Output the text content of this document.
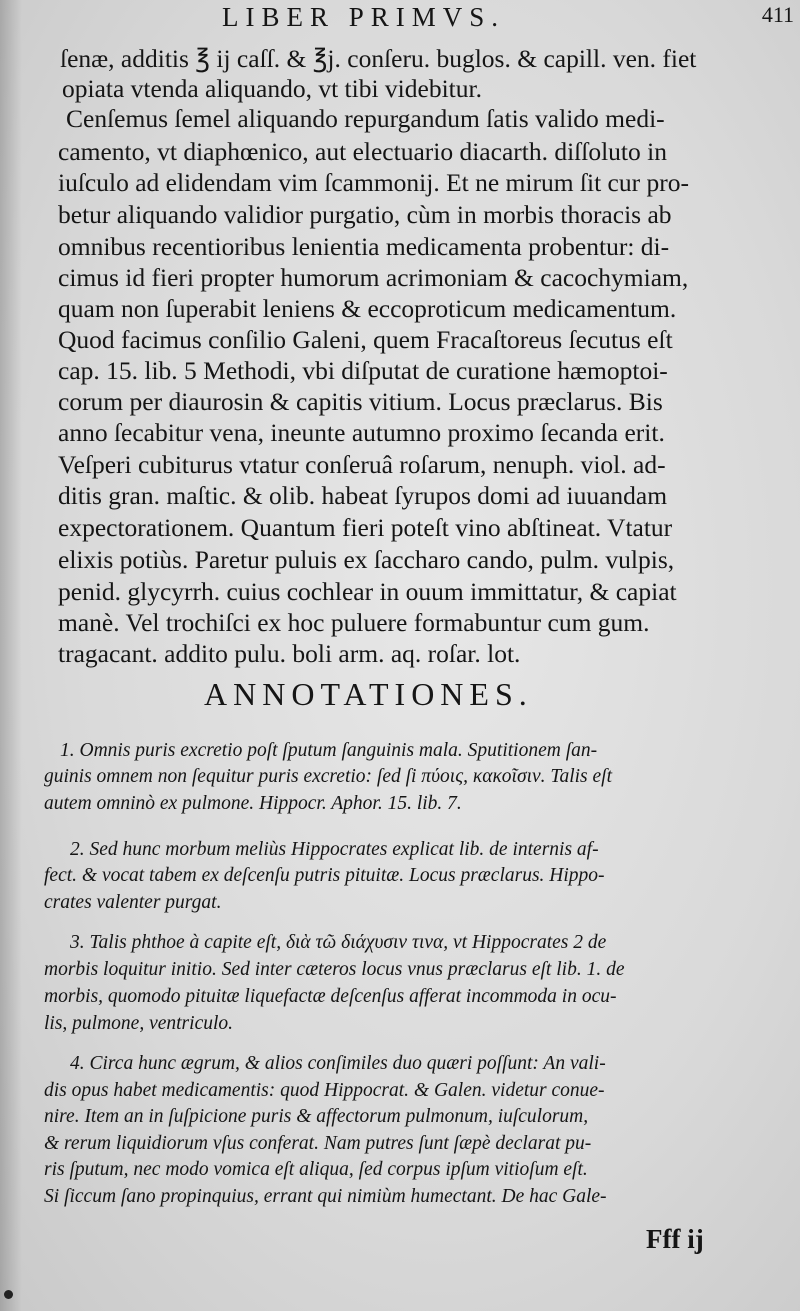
LIBER PRIMVS.	411
ſenæ, additis ℥ ij caſſ. & ℥j. conſeru. buglos. & capill. ven. fiet
opiata vtenda aliquando, vt tibi videbitur.
Cenſemus ſemel aliquando repurgandum ſatis valido medi-
camento, vt diaphœnico, aut electuario diacarth. diſſoluto in
iuſculo ad elidendam vim ſcammonij. Et ne mirum ſit cur pro-
betur aliquando validior purgatio, cùm in morbis thoracis ab
omnibus recentioribus lenientia medicamenta probentur: di-
cimus id fieri propter humorum acrimoniam & cacochymiam,
quam non ſuperabit leniens & eccoproticum medicamentum.
Quod facimus conſilio Galeni, quem Fracaſtoreus ſecutus eſt
cap. 15. lib. 5 Methodi, vbi diſputat de curatione hæmoptoi-
corum per diaurosin & capitis vitium. Locus præclarus. Bis
anno ſecabitur vena, ineunte autumno proximo ſecanda erit.
Veſperi cubiturus vtatur conſeruâ roſarum, nenuph. viol. ad-
ditis gran. maſtic. & olib. habeat ſyrupos domi ad iuuandam
expectorationem. Quantum fieri poteſt vino abſtineat. Vtatur
elixis potiùs. Paretur puluis ex ſaccharo cando, pulm. vulpis,
penid. glycyrrh. cuius cochlear in ouum immittatur, & capiat
manè. Vel trochiſci ex hoc puluere formabuntur cum gum.
tragacant. addito pulu. boli arm. aq. roſar. lot.
ANNOTATIONES.
1. Omnis puris excretio poſt ſputum ſanguinis mala. Sputitionem ſan-
guinis omnem non ſequitur puris excretio: ſed ſi πύοις, κακοῖσιν. Talis eſt
autem omninò ex pulmone. Hippocr. Aphor. 15. lib. 7.
2. Sed hunc morbum meliùs Hippocrates explicat lib. de internis af-
fect. & vocat tabem ex deſcenſu putris pituitæ. Locus præclarus. Hippo-
crates valenter purgat.
3. Talis phthoe à capite eſt, διὰ τῶ διάχυσιν τινα, vt Hippocrates 2 de
morbis loquitur initio. Sed inter cæteros locus vnus præclarus eſt lib. 1. de
morbis, quomodo pituitæ liquefactæ deſcenſus afferat incommoda in ocu-
lis, pulmone, ventriculo.
4. Circa hunc ægrum, & alios conſimiles duo quæri poſſunt: An vali-
dis opus habet medicamentis: quod Hippocrat. & Galen. videtur conue-
nire. Item an in ſuſpicione puris & affectorum pulmonum, iuſculorum,
& rerum liquidiorum vſus conferat. Nam putres ſunt ſæpè declarat pu-
ris ſputum, nec modo vomica eſt aliqua, ſed corpus ipſum vitioſum eſt.
Si ſiccum ſano propinquius, errant qui nimiùm humectant. De hac Gale-
Fff ij
